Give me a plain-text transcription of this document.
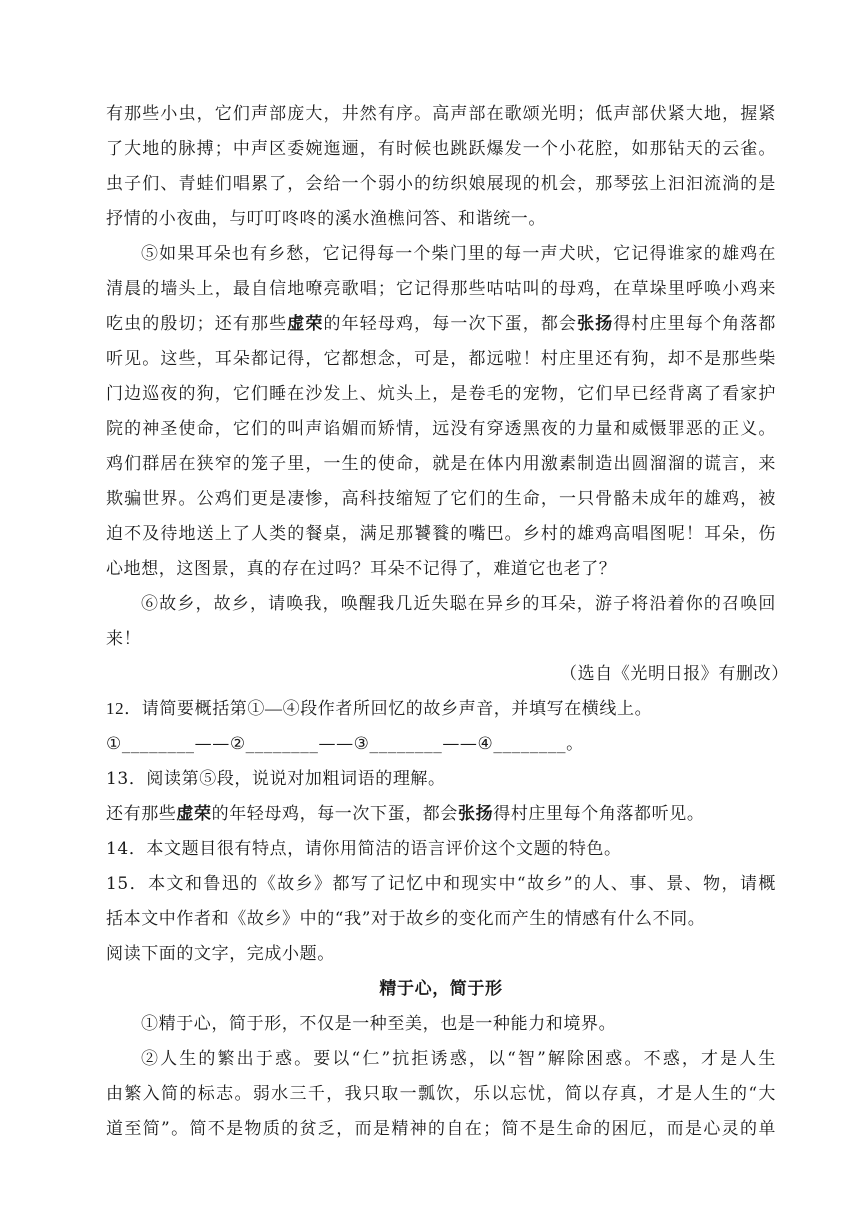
有那些小虫，它们声部庞大，井然有序。高声部在歌颂光明；低声部伏紧大地，握紧
了大地的脉搏；中声区委婉迤逦，有时候也跳跃爆发一个小花腔，如那钻天的云雀。
虫子们、青蛙们唱累了，会给一个弱小的纺织娘展现的机会，那琴弦上汩汩流淌的是
抒情的小夜曲，与叮叮咚咚的溪水渔樵问答、和谐统一。
⑤如果耳朵也有乡愁，它记得每一个柴门里的每一声犬吠，它记得谁家的雄鸡在
清晨的墙头上，最自信地嘹亮歌唱；它记得那些咕咕叫的母鸡，在草垛里呼唤小鸡来
吃虫的殷切；还有那些虚荣的年轻母鸡，每一次下蛋，都会张扬得村庄里每个角落都
听见。这些，耳朵都记得，它都想念，可是，都远啦！村庄里还有狗，却不是那些柴
门边巡夜的狗，它们睡在沙发上、炕头上，是卷毛的宠物，它们早已经背离了看家护
院的神圣使命，它们的叫声谄媚而矫情，远没有穿透黑夜的力量和威慑罪恶的正义。
鸡们群居在狭窄的笼子里，一生的使命，就是在体内用激素制造出圆溜溜的谎言，来
欺骗世界。公鸡们更是凄惨，高科技缩短了它们的生命，一只骨骼未成年的雄鸡，被
迫不及待地送上了人类的餐桌，满足那饕餮的嘴巴。乡村的雄鸡高唱图呢！耳朵，伤
心地想，这图景，真的存在过吗？耳朵不记得了，难道它也老了？
⑥故乡，故乡，请唤我，唤醒我几近失聪在异乡的耳朵，游子将沿着你的召唤回
来！
（选自《光明日报》有删改）
12．请简要概括第①—④段作者所回忆的故乡声音，并填写在横线上。
①________——②________——③________——④________。
13．阅读第⑤段，说说对加粗词语的理解。
还有那些虚荣的年轻母鸡，每一次下蛋，都会张扬得村庄里每个角落都听见。
14．本文题目很有特点，请你用简洁的语言评价这个文题的特色。
15．本文和鲁迅的《故乡》都写了记忆中和现实中“故乡”的人、事、景、物，请概
括本文中作者和《故乡》中的“我”对于故乡的变化而产生的情感有什么不同。
阅读下面的文字，完成小题。
精于心，简于形
①精于心，简于形，不仅是一种至美，也是一种能力和境界。
②人生的繁出于惑。要以“仁”抗拒诱惑，以“智”解除困惑。不惑，才是人生
由繁入简的标志。弱水三千，我只取一瓢饮，乐以忘忧，简以存真，才是人生的“大
道至简”。简不是物质的贫乏，而是精神的自在；简不是生命的困厄，而是心灵的单
